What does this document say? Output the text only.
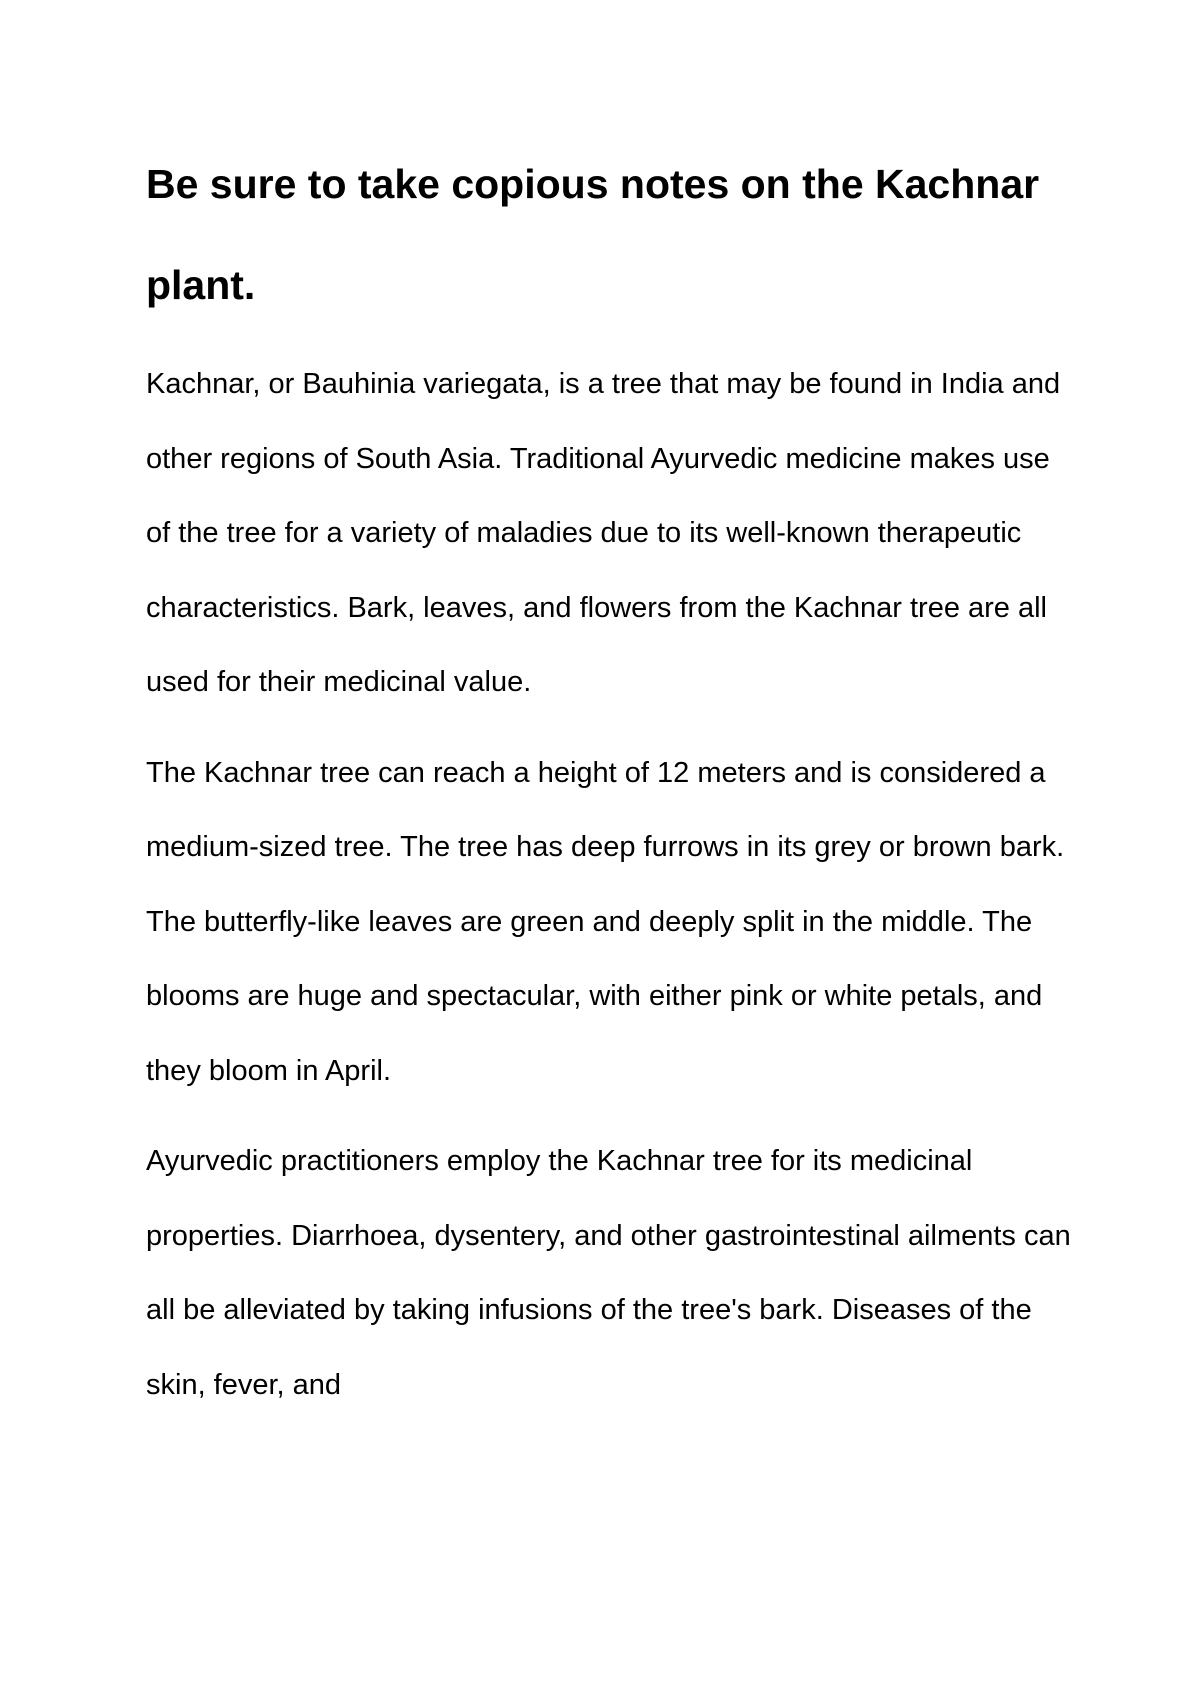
Be sure to take copious notes on the Kachnar plant.

Kachnar, or Bauhinia variegata, is a tree that may be found in India and other regions of South Asia. Traditional Ayurvedic medicine makes use of the tree for a variety of maladies due to its well-known therapeutic characteristics. Bark, leaves, and flowers from the Kachnar tree are all used for their medicinal value.

The Kachnar tree can reach a height of 12 meters and is considered a medium-sized tree. The tree has deep furrows in its grey or brown bark. The butterfly-like leaves are green and deeply split in the middle. The blooms are huge and spectacular, with either pink or white petals, and they bloom in April.

Ayurvedic practitioners employ the Kachnar tree for its medicinal properties. Diarrhoea, dysentery, and other gastrointestinal ailments can all be alleviated by taking infusions of the tree's bark. Diseases of the skin, fever, and
